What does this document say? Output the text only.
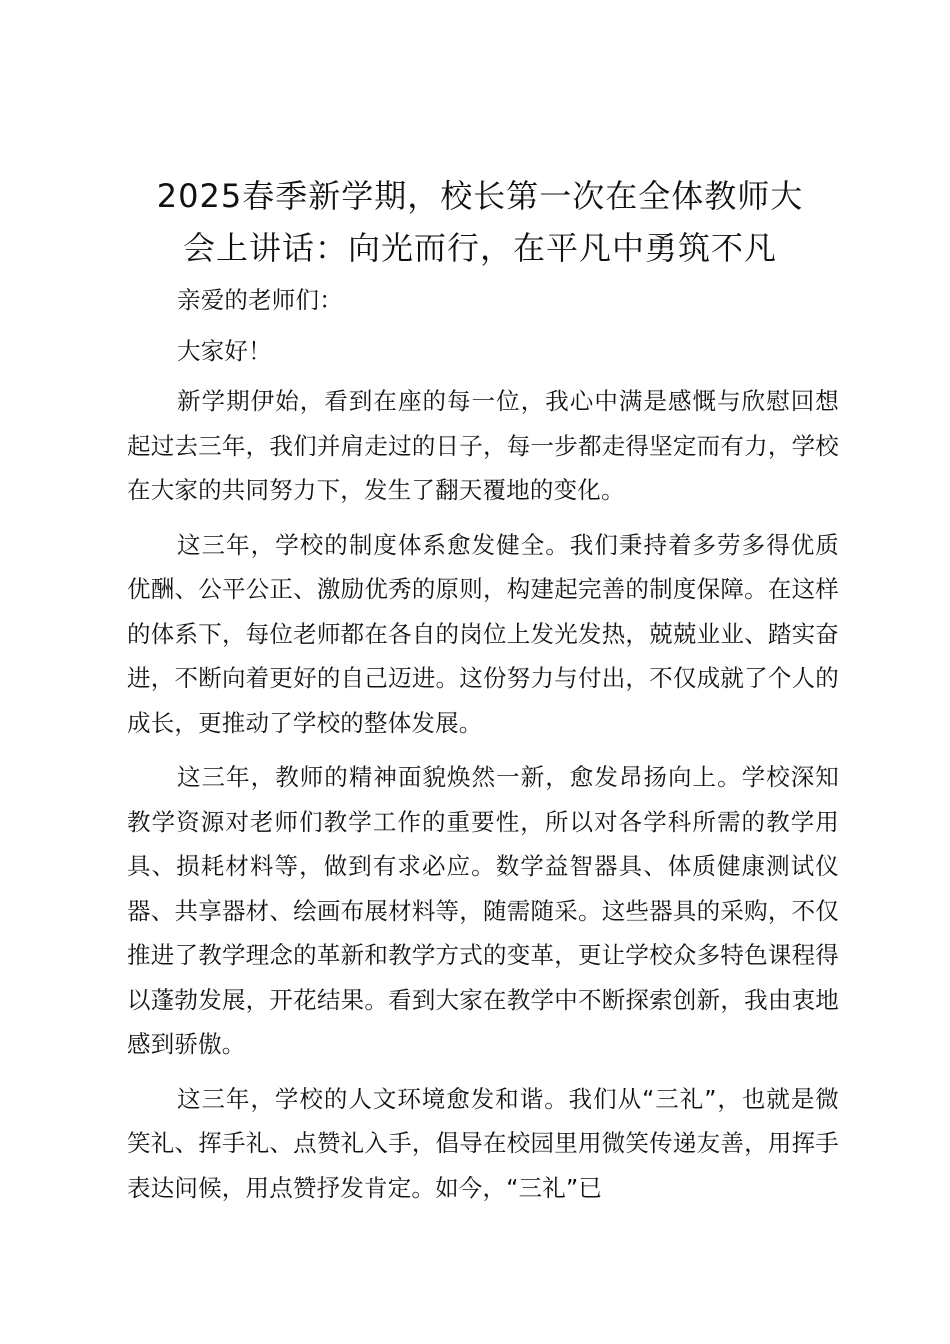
2025春季新学期，校长第一次在全体教师大
会上讲话：向光而行，在平凡中勇筑不凡

亲爱的老师们：

大家好！

新学期伊始，看到在座的每一位，我心中满是感慨与欣慰回想起过去三年，我们并肩走过的日子，每一步都走得坚定而有力，学校在大家的共同努力下，发生了翻天覆地的变化。

这三年，学校的制度体系愈发健全。我们秉持着多劳多得优质优酬、公平公正、激励优秀的原则，构建起完善的制度保障。在这样的体系下，每位老师都在各自的岗位上发光发热，兢兢业业、踏实奋进，不断向着更好的自己迈进。这份努力与付出，不仅成就了个人的成长，更推动了学校的整体发展。

这三年，教师的精神面貌焕然一新，愈发昂扬向上。学校深知教学资源对老师们教学工作的重要性，所以对各学科所需的教学用具、损耗材料等，做到有求必应。数学益智器具、体质健康测试仪器、共享器材、绘画布展材料等，随需随采。这些器具的采购，不仅推进了教学理念的革新和教学方式的变革，更让学校众多特色课程得以蓬勃发展，开花结果。看到大家在教学中不断探索创新，我由衷地感到骄傲。

这三年，学校的人文环境愈发和谐。我们从“三礼”，也就是微笑礼、挥手礼、点赞礼入手，倡导在校园里用微笑传递友善，用挥手表达问候，用点赞抒发肯定。如今，“三礼”已
